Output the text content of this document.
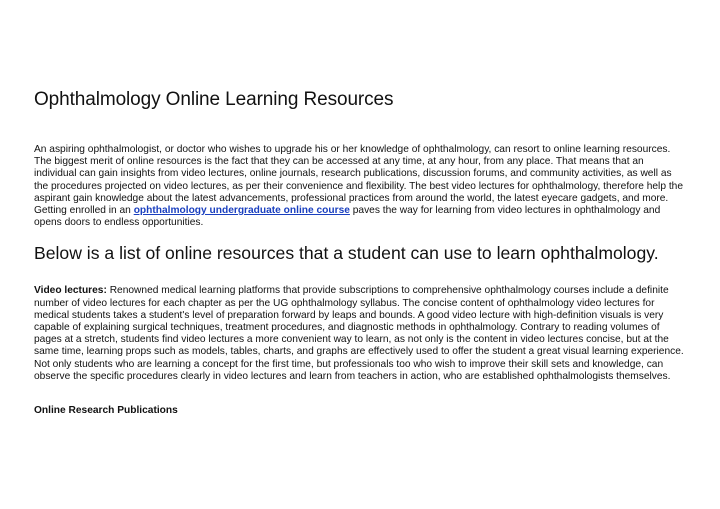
Ophthalmology Online Learning Resources

An aspiring ophthalmologist, or doctor who wishes to upgrade his or her knowledge of ophthalmology, can resort to online learning resources. The biggest merit of online resources is the fact that they can be accessed at any time, at any hour, from any place. That means that an individual can gain insights from video lectures, online journals, research publications, discussion forums, and community activities, as well as the procedures projected on video lectures, as per their convenience and flexibility. The best video lectures for ophthalmology, therefore help the aspirant gain knowledge about the latest advancements, professional practices from around the world, the latest eyecare gadgets, and more. Getting enrolled in an ophthalmology undergraduate online course paves the way for learning from video lectures in ophthalmology and opens doors to endless opportunities.

Below is a list of online resources that a student can use to learn ophthalmology.

Video lectures: Renowned medical learning platforms that provide subscriptions to comprehensive ophthalmology courses include a definite number of video lectures for each chapter as per the UG ophthalmology syllabus. The concise content of ophthalmology video lectures for medical students takes a student's level of preparation forward by leaps and bounds. A good video lecture with high-definition visuals is very capable of explaining surgical techniques, treatment procedures, and diagnostic methods in ophthalmology. Contrary to reading volumes of pages at a stretch, students find video lectures a more convenient way to learn, as not only is the content in video lectures concise, but at the same time, learning props such as models, tables, charts, and graphs are effectively used to offer the student a great visual learning experience. Not only students who are learning a concept for the first time, but professionals too who wish to improve their skill sets and knowledge, can observe the specific procedures clearly in video lectures and learn from teachers in action, who are established ophthalmologists themselves.

Online Research Publications
